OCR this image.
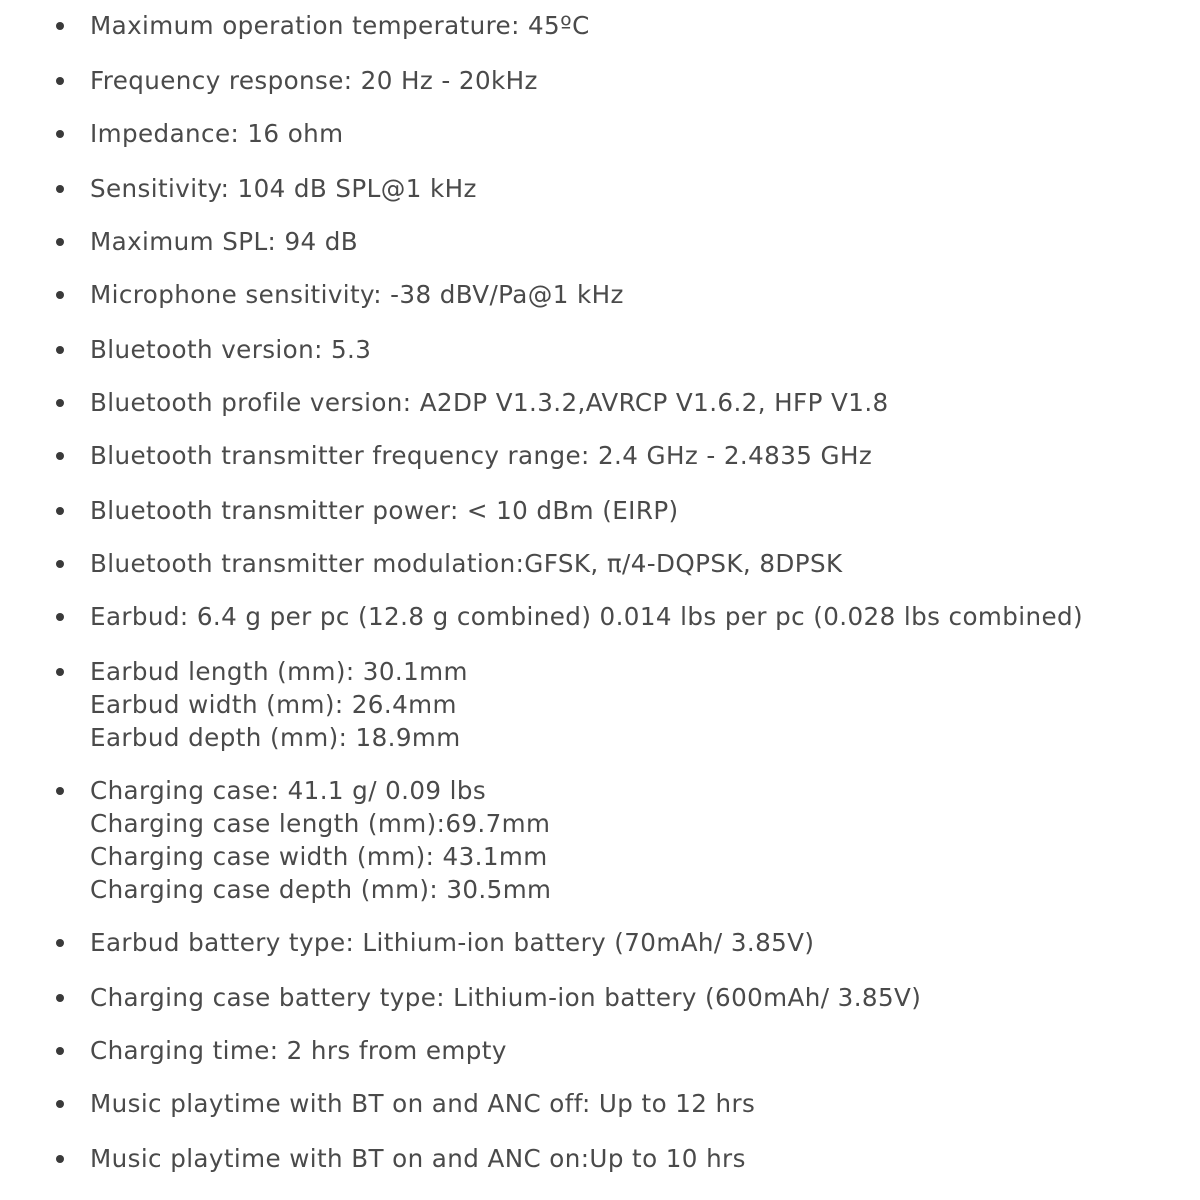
Maximum operation temperature: 45ºC
Frequency response: 20 Hz - 20kHz
Impedance: 16 ohm
Sensitivity: 104 dB SPL@1 kHz
Maximum SPL: 94 dB
Microphone sensitivity: -38 dBV/Pa@1 kHz
Bluetooth version: 5.3
Bluetooth profile version: A2DP V1.3.2,AVRCP V1.6.2, HFP V1.8
Bluetooth transmitter frequency range: 2.4 GHz - 2.4835 GHz
Bluetooth transmitter power: < 10 dBm (EIRP)
Bluetooth transmitter modulation:GFSK, π/4-DQPSK, 8DPSK
Earbud: 6.4 g per pc (12.8 g combined) 0.014 lbs per pc (0.028 lbs combined)
Earbud length (mm): 30.1mm
Earbud width (mm): 26.4mm
Earbud depth (mm): 18.9mm
Charging case: 41.1 g/ 0.09 lbs
Charging case length (mm):69.7mm
Charging case width (mm): 43.1mm
Charging case depth (mm): 30.5mm
Earbud battery type: Lithium-ion battery (70mAh/ 3.85V)
Charging case battery type: Lithium-ion battery (600mAh/ 3.85V)
Charging time: 2 hrs from empty
Music playtime with BT on and ANC off: Up to 12 hrs
Music playtime with BT on and ANC on:Up to 10 hrs
